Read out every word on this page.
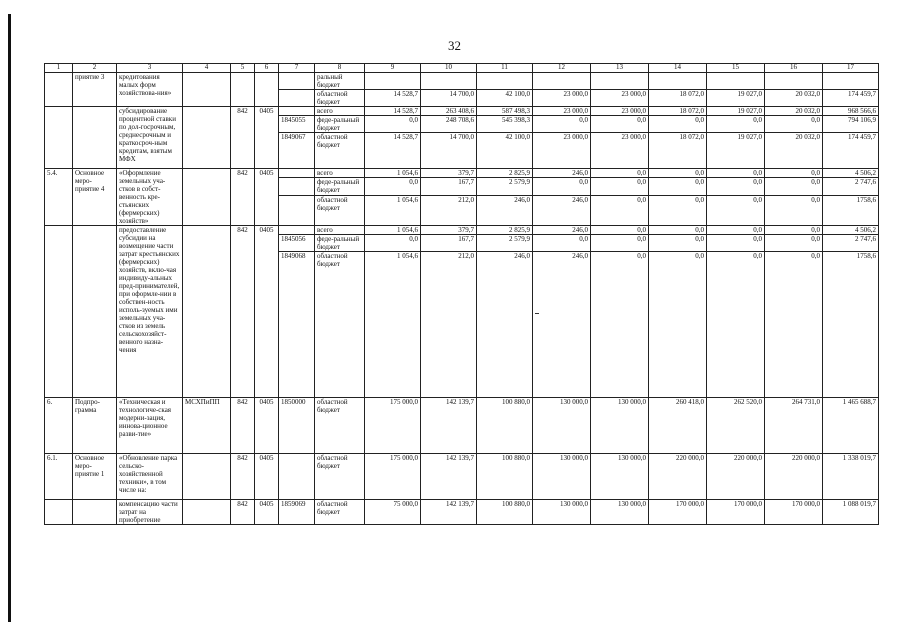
32
1	2	3	4	5	6	7	8	9	10	11	12	13	14	15	16	17
	приятие 3	кредитования малых форм хозяйствова-ния»					ральный бюджет									
							областной бюджет	14 528,7	14 700,0	42 100,0	23 000,0	23 000,0	18 072,0	19 027,0	20 032,0	174 459,7
		субсидирование процентной ставки по дол-госрочным, среднесрочным и краткосроч-ным кредитам, взятым МФХ		842	0405		всего	14 528,7	263 408,6	587 498,3	23 000,0	23 000,0	18 072,0	19 027,0	20 032,0	968 566,6
						1845055	феде-ральный бюджет	0,0	248 708,6	545 398,3	0,0	0,0	0,0	0,0	0,0	794 106,9
						1849067	областной бюджет	14 528,7	14 700,0	42 100,0	23 000,0	23 000,0	18 072,0	19 027,0	20 032,0	174 459,7
5.4.	Основное меро-приятие 4	«Оформление земельных уча-стков в собст-венность кре-стьянских (фермерских) хозяйств»		842	0405		всего	1 054,6	379,7	2 825,9	246,0	0,0	0,0	0,0	0,0	4 506,2
							феде-ральный бюджет	0,0	167,7	2 579,9	0,0	0,0	0,0	0,0	0,0	2 747,6
							областной бюджет	1 054,6	212,0	246,0	246,0	0,0	0,0	0,0	0,0	1758,6
		предоставление субсидии на возмещение части затрат крестьянских (фермерских) хозяйств, вклю-чая индивиду-альных пред-принимателей, при оформле-нии в собствен-ность исполь-зуемых ими земельных уча-стков из земель сельскохозяйст-венного назна-чения		842	0405		всего	1 054,6	379,7	2 825,9	246,0	0,0	0,0	0,0	0,0	4 506,2
						1845056	феде-ральный бюджет	0,0	167,7	2 579,9	0,0	0,0	0,0	0,0	0,0	2 747,6
						1849068	областной бюджет	1 054,6	212,0	246,0	246,0	0,0	0,0	0,0	0,0	1758,6
6.	Подпро-грамма	«Техническая и технологиче-ская модерни-зация, иннова-ционное разви-тие»	МСХПиПП	842	0405	1850000	областной бюджет	175 000,0	142 139,7	100 880,0	130 000,0	130 000,0	260 418,0	262 520,0	264 731,0	1 465 688,7
6.1.	Основное меро-приятие 1	«Обновление парка сельско-хозяйственной техники», в том числе на:		842	0405		областной бюджет	175 000,0	142 139,7	100 880,0	130 000,0	130 000,0	220 000,0	220 000,0	220 000,0	1 338 019,7
		компенсацию части затрат на приобретение		842	0405	1859069	областной бюджет	75 000,0	142 139,7	100 880,0	130 000,0	130 000,0	170 000,0	170 000,0	170 000,0	1 088 019,7
